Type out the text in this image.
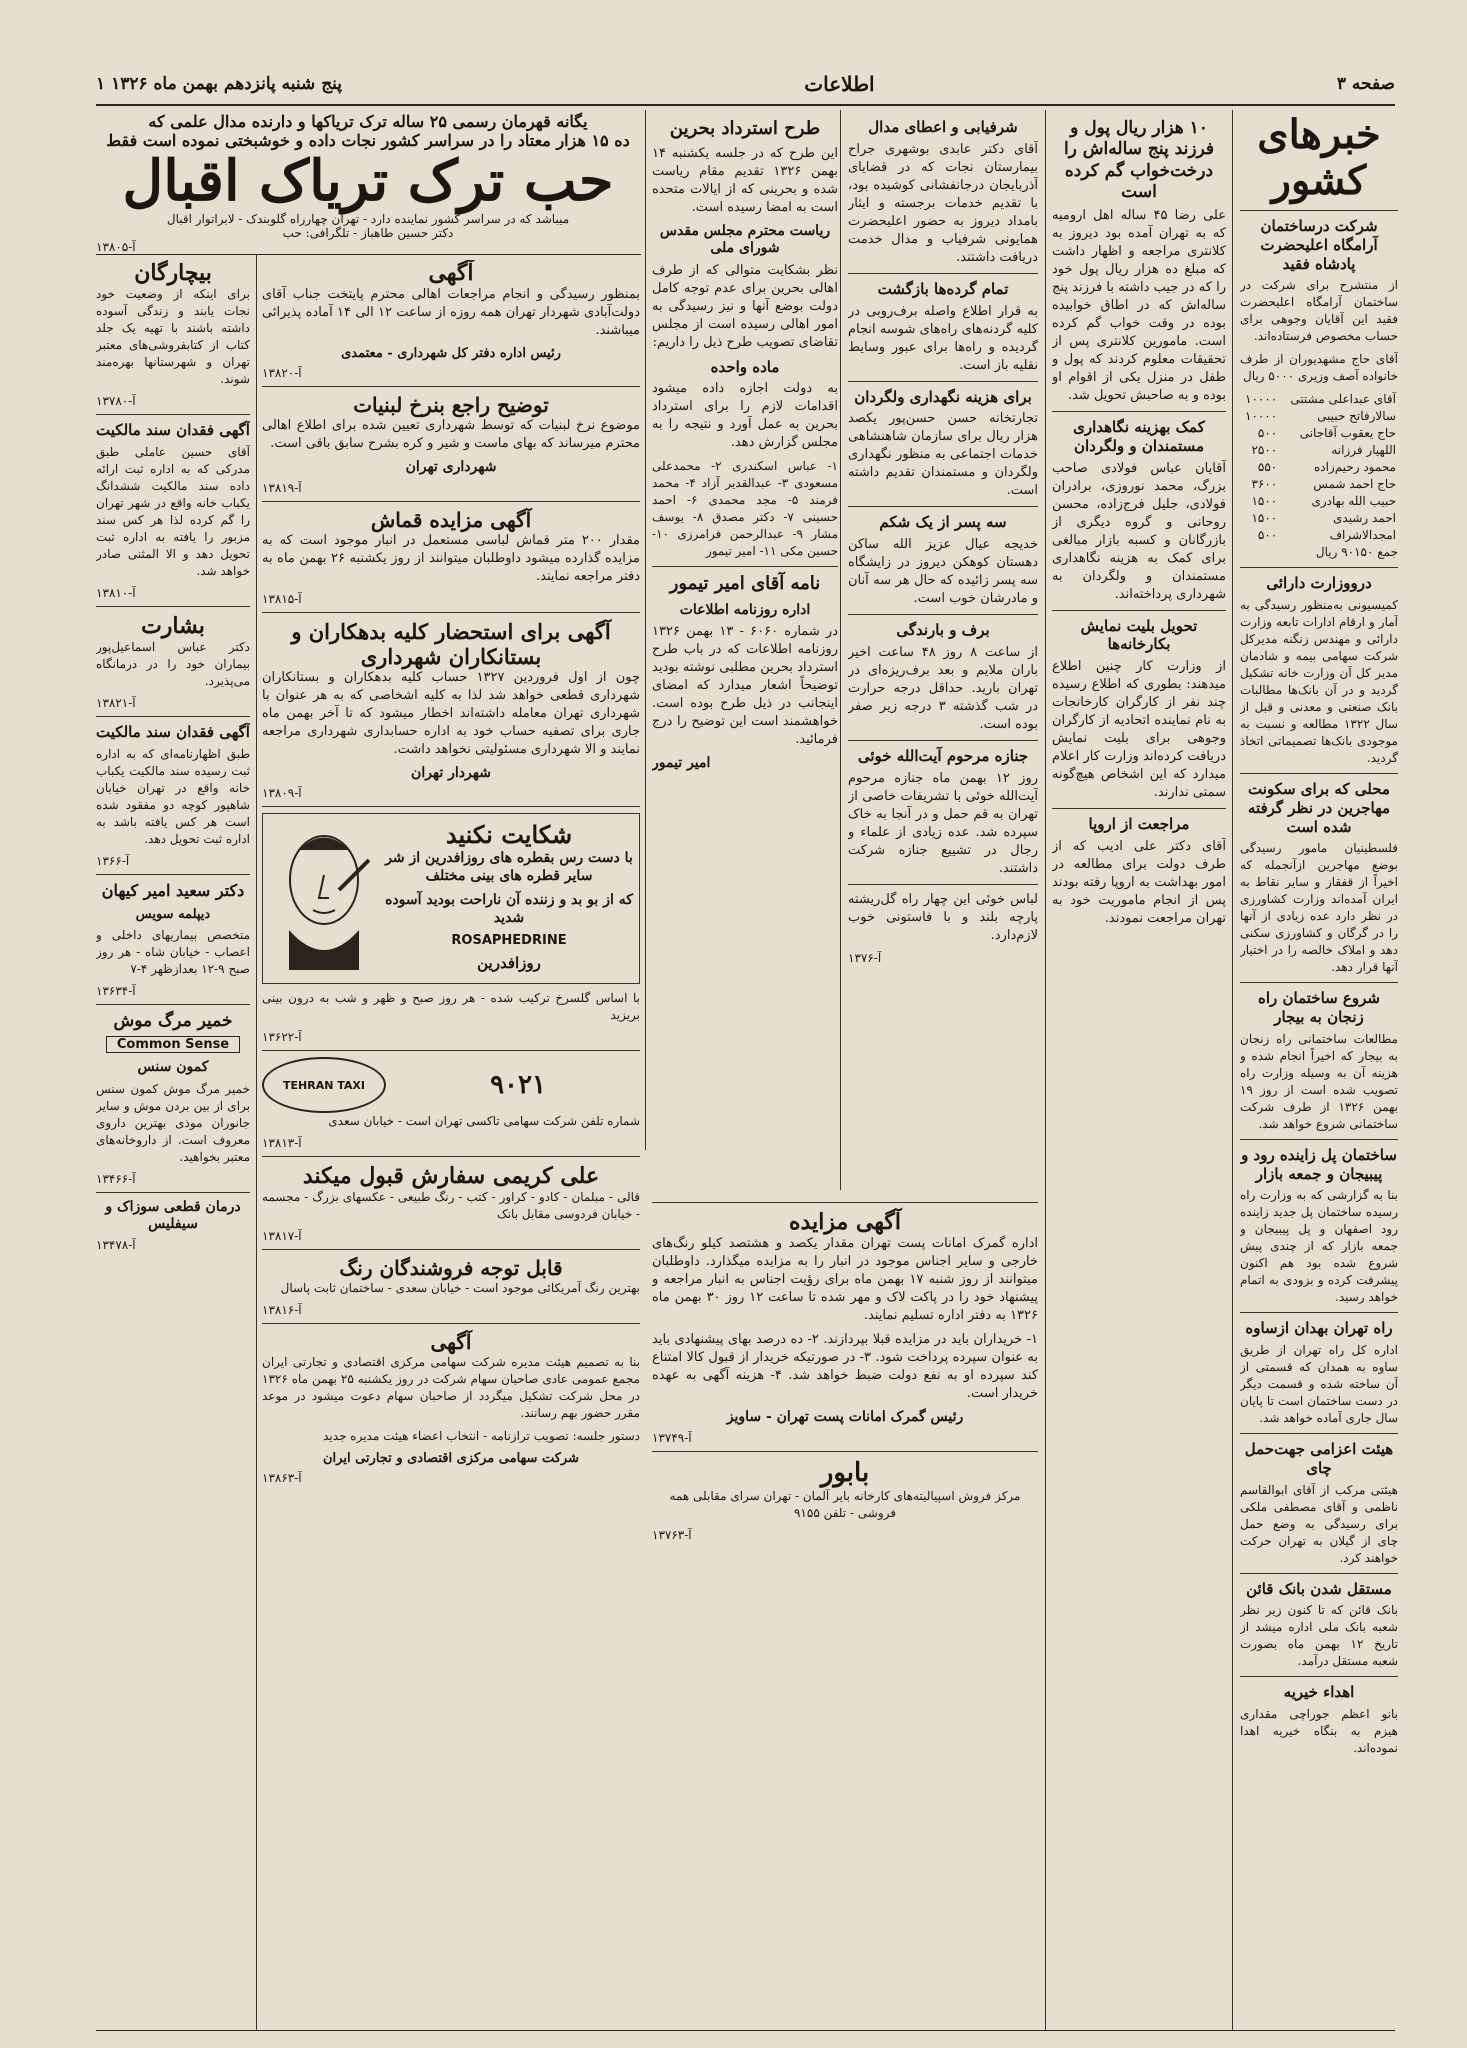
صفحه ۳
اطلاعات
پنج شنبه پانزدهم بهمن ماه ۱۳۲۶ ۱
خبرهای کشور
شرکت درساختمان آرامگاه اعلیحضرت پادشاه فقید

از منتشرح برای شرکت در ساختمان آرامگاه اعلیحضرت فقید این آقایان وجوهی برای حساب مخصوص فرستاده‌اند.

آقای حاج مشهدیوران از طرف خانواده آصف وزیری ۵۰۰۰ ریال

آقای عبداعلی مشتتی	۱۰۰۰۰
سالارفاتح حبیبی	۱۰۰۰۰
حاج یعقوب آقاجانی	۵۰۰
اللهیار فرزانه	۲۵۰۰
محمود رحیم‌زاده	۵۵۰
حاج احمد شمس	۳۶۰۰
حبیب الله بهادری	۱۵۰۰
احمد رشیدی	۱۵۰۰
امجدالاشراف	۵۰۰

جمع ۹۰۱۵۰ ریال

درووزارت دارائی

کمیسیونی به‌منظور رسیدگی به آمار و ارقام ادارات تابعه وزارت دارائی و مهندس زنگنه مدیرکل شرکت سهامی بیمه و شادمان مدیر کل آن وزارت خانه تشکیل گردید و در آن بانک‌ها مطالبات بانک صنعتی و معدنی و قبل از سال ۱۳۲۲ مطالعه و نسبت به موجودی بانک‌ها تصمیماتی اتخاذ گردید.

محلی که برای سکونت مهاجرین در نظر گرفته شده است

فلسطینیان مامور رسیدگی بوضع مهاجرین ازآنجمله که اخیراً از قفقاز و سایر نقاط به ایران آمده‌اند وزارت کشاورزی در نظر دارد عده زیادی از آنها را در گرگان و کشاورزی سکنی دهد و املاک خالصه را در اختیار آنها قرار دهد.

شروع ساختمان راه زنجان به بیجار

مطالعات ساختمانی راه زنجان به بیجار که اخیراً انجام شده و هزینه آن به وسیله وزارت راه تصویب شده است از روز ۱۹ بهمن ۱۳۲۶ از طرف شرکت ساختمانی شروع خواهد شد.

ساختمان پل زاینده رود و پیبیجان و جمعه بازار

بنا به گزارشی که به وزارت راه رسیده ساختمان پل جدید زاینده رود اصفهان و پل پیبیجان و جمعه بازار که از چندی پیش شروع شده بود هم اکنون پیشرفت کرده و بزودی به اتمام خواهد رسید.

راه تهران بهدان ازساوه

اداره کل راه تهران از طریق ساوه به همدان که قسمتی از آن ساخته شده و قسمت دیگر در دست ساختمان است تا پایان سال جاری آماده خواهد شد.

هیئت اعزامی جهت‌حمل چای

هیئتی مرکب از آقای ابوالقاسم ناظمی و آقای مصطفی ملکی برای رسیدگی به وضع حمل چای از گیلان به تهران حرکت خواهند کرد.

مستقل شدن بانک قائن

بانک قائن که تا کنون زیر نظر شعبه بانک ملی اداره میشد از تاریخ ۱۲ بهمن ماه بصورت شعبه مستقل درآمد.

اهداء خیریه

بانو اعظم جوراچی مقداری هیزم به بنگاه خیریه اهدا نموده‌اند.

۱۰ هزار ریال پول و فرزند پنج ساله‌اش را درخت‌خواب گم کرده است

علی رضا ۴۵ ساله اهل ارومیه که به تهران آمده بود دیروز به کلانتری مراجعه و اظهار داشت که مبلغ ده هزار ریال پول خود را که در جیب داشته با فرزند پنج ساله‌اش که در اطاق خوابیده بوده در وقت خواب گم کرده است. مامورین کلانتری پس از تحقیقات معلوم کردند که پول و طفل در منزل یکی از اقوام او بوده و به صاحبش تحویل شد.

کمک بهزینه نگاهداری مستمندان و ولگردان

آقایان عباس فولادی صاحب بزرگ، محمد نوروزی، برادران فولادی، جلیل فرج‌زاده، محسن روحانی و گروه دیگری از بازرگانان و کسبه بازار مبالغی برای کمک به هزینه نگاهداری مستمندان و ولگردان به شهرداری پرداخته‌اند.

تحویل بلیت نمایش بکارخانه‌ها

از وزارت کار چنین اطلاع میدهند: بطوری که اطلاع رسیده چند نفر از کارگران کارخانجات به نام نماینده اتحادیه از کارگران وجوهی برای بلیت نمایش دریافت کرده‌اند وزارت کار اعلام میدارد که این اشخاص هیچ‌گونه سمتی ندارند.

مراجعت از اروپا

آقای دکتر علی ادیب که از طرف دولت برای مطالعه در امور بهداشت به اروپا رفته بودند پس از انجام ماموریت خود به تهران مراجعت نمودند.

شرفیابی و اعطای مدال

آقای دکتر عابدی بوشهری جراح بیمارستان نجات که در قضایای آذربایجان درجانفشانی کوشیده بود، با تقدیم خدمات برجسته و ایثار بامداد دیروز به حضور اعلیحضرت همایونی شرفیاب و مدال خدمت دریافت داشتند.

تمام گرده‌ها بازگشت

به قرار اطلاع واصله برف‌روبی در کلیه گردنه‌های راه‌های شوسه انجام گردیده و راه‌ها برای عبور وسایط نقلیه باز است.

برای هزینه نگهداری ولگردان

تجارتخانه حسن حسن‌پور یکصد هزار ریال برای سازمان شاهنشاهی خدمات اجتماعی به منظور نگهداری ولگردان و مستمندان تقدیم داشته است.

سه پسر از یک شکم

خدیجه عیال عزیز الله ساکن دهستان کوهکن دیروز در زایشگاه سه پسر زائیده که حال هر سه آنان و مادرشان خوب است.

برف و بارندگی

از ساعت ۸ روز ۴۸ ساعت اخیر باران ملایم و بعد برف‌ریزه‌ای در تهران بارید. حداقل درجه حرارت در شب گذشته ۳ درجه زیر صفر بوده است.

جنازه مرحوم آیت‌الله خوئی

روز ۱۲ بهمن ماه جنازه مرحوم آیت‌الله خوئی با تشریفات خاصی از تهران به قم حمل و در آنجا به خاک سپرده شد. عده زیادی از علماء و رجال در تشییع جنازه شرکت داشتند.

لباس خوئی این چهار راه گل‌ریشته پارچه بلند و با فاستونی خوب لازم‌دارد.

آ-۱۳۷۶
طرح استرداد بحرین

این طرح که در جلسه یکشنبه ۱۴ بهمن ۱۳۲۶ تقدیم مقام ریاست شده و بحرینی که از ایالات متحده است به امضا رسیده است.

ریاست محترم مجلس مقدس شورای ملی

نظر بشکایت متوالی که از طرف اهالی بحرین برای عدم توجه کامل دولت بوضع آنها و نیز رسیدگی به امور اهالی رسیده است از مجلس تقاضای تصویب طرح ذیل را داریم:

ماده واحده

به دولت اجازه داده میشود اقدامات لازم را برای استرداد بحرین به عمل آورد و نتیجه را به مجلس گزارش دهد.

۱- عباس اسکندری ۲- محمدعلی مسعودی ۳- عبدالقدیر آزاد ۴- محمد فرمند ۵- مجد محمدی ۶- احمد حسینی ۷- دکتر مصدق ۸- یوسف مشار ۹- عبدالرحمن فرامرزی ۱۰- حسین مکی ۱۱- امیر تیمور

نامه آقای امیر تیمور
اداره روزنامه اطلاعات

در شماره ۶۰۶۰ - ۱۳ بهمن ۱۳۲۶ روزنامه اطلاعات که در باب طرح استرداد بحرین مطلبی نوشته بودید توضیحاً اشعار میدارد که امضای اینجانب در ذیل طرح بوده است. خواهشمند است این توضیح را درج فرمائید.

امیر تیمور
یگانه قهرمان رسمی ۲۵ ساله ترک تریاکها و دارنده مدال علمی که
ده ۱۵ هزار معتاد را در سراسر کشور نجات داده و خوشبختی نموده است فقط
حب ترک تریاک اقبال
میباشد که در سراسر کشور نماینده دارد - تهران چهارراه گلوبندک - لابراتوار اقبال
دکتر حسین طاهباز - تلگرافی: حب
آ-۱۳۸۰۵
آگهی

بمنظور رسیدگی و انجام مراجعات اهالی محترم پایتخت جناب آقای دولت‌آبادی شهردار تهران همه روزه از ساعت ۱۲ الی ۱۴ آماده پذیرائی میباشند.

رئیس اداره دفتر کل شهرداری - معتمدی
آ-۱۳۸۲۰
توضیح راجع بنرخ لبنیات

موضوع نرخ لبنیات که توسط شهرداری تعیین شده برای اطلاع اهالی محترم میرساند که بهای ماست و شیر و کره بشرح سابق باقی است.

شهرداری تهران
آ-۱۳۸۱۹
آگهی مزایده قماش

مقدار ۲۰۰ متر قماش لباسی مستعمل در انبار موجود است که به مزایده گذارده میشود داوطلبان میتوانند از روز یکشنبه ۲۶ بهمن ماه به دفتر مراجعه نمایند.

آ-۱۳۸۱۵
آگهی برای استحضار کلیه بدهکاران و بستانکاران شهرداری

چون از اول فروردین ۱۳۲۷ حساب کلیه بدهکاران و بستانکاران شهرداری قطعی خواهد شد لذا به کلیه اشخاصی که به هر عنوان با شهرداری تهران معامله داشته‌اند اخطار میشود که تا آخر بهمن ماه جاری برای تصفیه حساب خود به اداره حسابداری شهرداری مراجعه نمایند و الا شهرداری مسئولیتی نخواهد داشت.

شهردار تهران
آ-۱۳۸۰۹
شکایت نکنید

با دست رس بقطره های روزافدرین از شر سایر قطره های بینی مختلف

که از بو بد و زننده آن ناراحت بودید آسوده شدید

ROSAPHEDRINE
روزافدرین

با اساس گلسرخ ترکیب شده - هر روز صبح و ظهر و شب به درون بینی بریزید

آ-۱۳۶۲۲
۹۰۲۱
TEHRAN TAXI

شماره تلفن شرکت سهامی تاکسی تهران است - خیابان سعدی

آ-۱۳۸۱۳
علی کریمی سفارش قبول میکند

قالی - مبلمان - کادو - کراور - کتب - رنگ طبیعی - عکسهای بزرگ - مجسمه - خیابان فردوسی مقابل بانک

آ-۱۳۸۱۷
قابل توجه فروشندگان رنگ

بهترین رنگ آمریکائی موجود است - خیابان سعدی - ساختمان ثابت پاسال

آ-۱۳۸۱۶
آگهی

بنا به تصمیم هیئت مدیره شرکت سهامی مرکزی اقتصادی و تجارتی ایران مجمع عمومی عادی صاحبان سهام شرکت در روز یکشنبه ۲۵ بهمن ماه ۱۳۲۶ در محل شرکت تشکیل میگردد از صاحبان سهام دعوت میشود در موعد مقرر حضور بهم رسانند.

دستور جلسه: تصویب ترازنامه - انتخاب اعضاء هیئت مدیره جدید

شرکت سهامی مرکزی اقتصادی و تجارتی ایران
آ-۱۳۸۶۳
آگهی مزایده

اداره گمرک امانات پست تهران مقدار یکصد و هشتصد کیلو رنگ‌های خارجی و سایر اجناس موجود در انبار را به مزایده میگذارد. داوطلبان میتوانند از روز شنبه ۱۷ بهمن ماه برای رؤیت اجناس به انبار مراجعه و پیشنهاد خود را در پاکت لاک و مهر شده تا ساعت ۱۲ روز ۳۰ بهمن ماه ۱۳۲۶ به دفتر اداره تسلیم نمایند.

۱- خریداران باید در مزایده قبلا بپردازند. ۲- ده درصد بهای پیشنهادی باید به عنوان سپرده پرداخت شود. ۳- در صورتیکه خریدار از قبول کالا امتناع کند سپرده او به نفع دولت ضبط خواهد شد. ۴- هزینه آگهی به عهده خریدار است.

رئیس گمرک امانات پست تهران - ساویز
آ-۱۳۷۴۹
بابور

مرکز فروش اسپیالیته‌های کارخانه بایر آلمان - تهران سرای مقابلی همه فروشی - تلفن ۹۱۵۵

آ-۱۳۷۶۳
بیچارگان

برای اینکه از وضعیت خود نجات یابند و زندگی آسوده داشته باشند با تهیه یک جلد کتاب از کتابفروشی‌های معتبر تهران و شهرستانها بهره‌مند شوند.

آ-۱۳۷۸۰
آگهی فقدان سند مالکیت

آقای حسین عاملی طبق مدرکی که به اداره ثبت ارائه داده سند مالکیت ششدانگ یکباب خانه واقع در شهر تهران را گم کرده لذا هر کس سند مزبور را یافته به اداره ثبت تحویل دهد و الا المثنی صادر خواهد شد.

آ-۱۳۸۱۰
بشارت

دکتر عباس اسماعیل‌پور بیماران خود را در درمانگاه می‌پذیرد.

آ-۱۳۸۲۱
آگهی فقدان سند مالکیت

طبق اظهارنامه‌ای که به اداره ثبت رسیده سند مالکیت یکباب خانه واقع در تهران خیابان شاهپور کوچه دو مفقود شده است هر کس یافته باشد به اداره ثبت تحویل دهد.

آ-۱۳۶۶
دکتر سعید امیر کیهان
دیپلمه سویس

متخصص بیماریهای داخلی و اعصاب - خیابان شاه - هر روز صبح ۹-۱۲ بعدازظهر ۴-۷

آ-۱۳۶۳۴
خمیر مرگ موش
Common Sense
کمون سنس

خمیر مرگ موش کمون سنس برای از بین بردن موش و سایر جانوران موذی بهترین داروی معروف است. از داروخانه‌های معتبر بخواهید.

آ-۱۳۴۶۶
درمان قطعی سوزاک و سیفلیس
آ-۱۳۴۷۸
